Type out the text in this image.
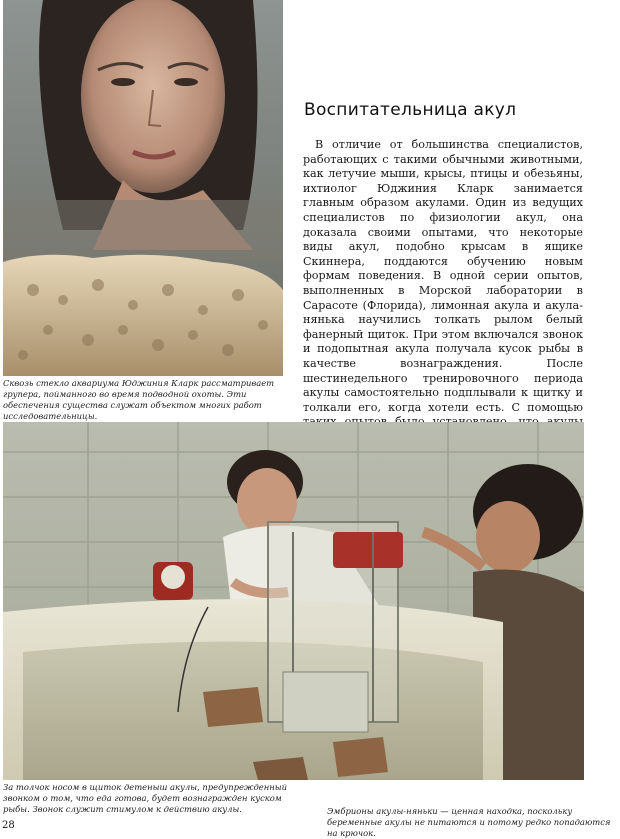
Воспитательница акул

В отличие от большинства специалистов, работающих с такими обычными животными, как летучие мыши, крысы, птицы и обезьяны, ихтиолог Юджиния Кларк занимается главным образом акулами. Один из ведущих специалистов по физиологии акул, она доказала своими опытами, что некоторые виды акул, подобно крысам в ящике Скиннера, поддаются обучению новым формам поведения. В одной серии опытов, выполненных в Морской лаборатории в Сарасоте (Флорида), лимонная акула и акула-нянька научились толкать рылом белый фанерный щиток. При этом включался звонок и подопытная акула получала кусок рыбы в качестве вознаграждения. После шестинедельного тренировочного периода акулы самостоятельно подплывали к щитку и толкали его, когда хотели есть. С помощью

Сквозь стекло аквариума Юджиния Кларк рассматривает групера, пойманного во время подводной охоты. Эти обеспечения существа служат объектом многих работ исследовательницы.

За толчок носом в щиток детеныш акулы, предупрежденный звонком о том, что еда готова, будет вознагражден куском рыбы. Звонок служит стимулом к действию акулы.	Эмбрионы акулы-няньки — ценная находка, поскольку беременные акулы не питаются и потому редко попадаются на крючок.

28
